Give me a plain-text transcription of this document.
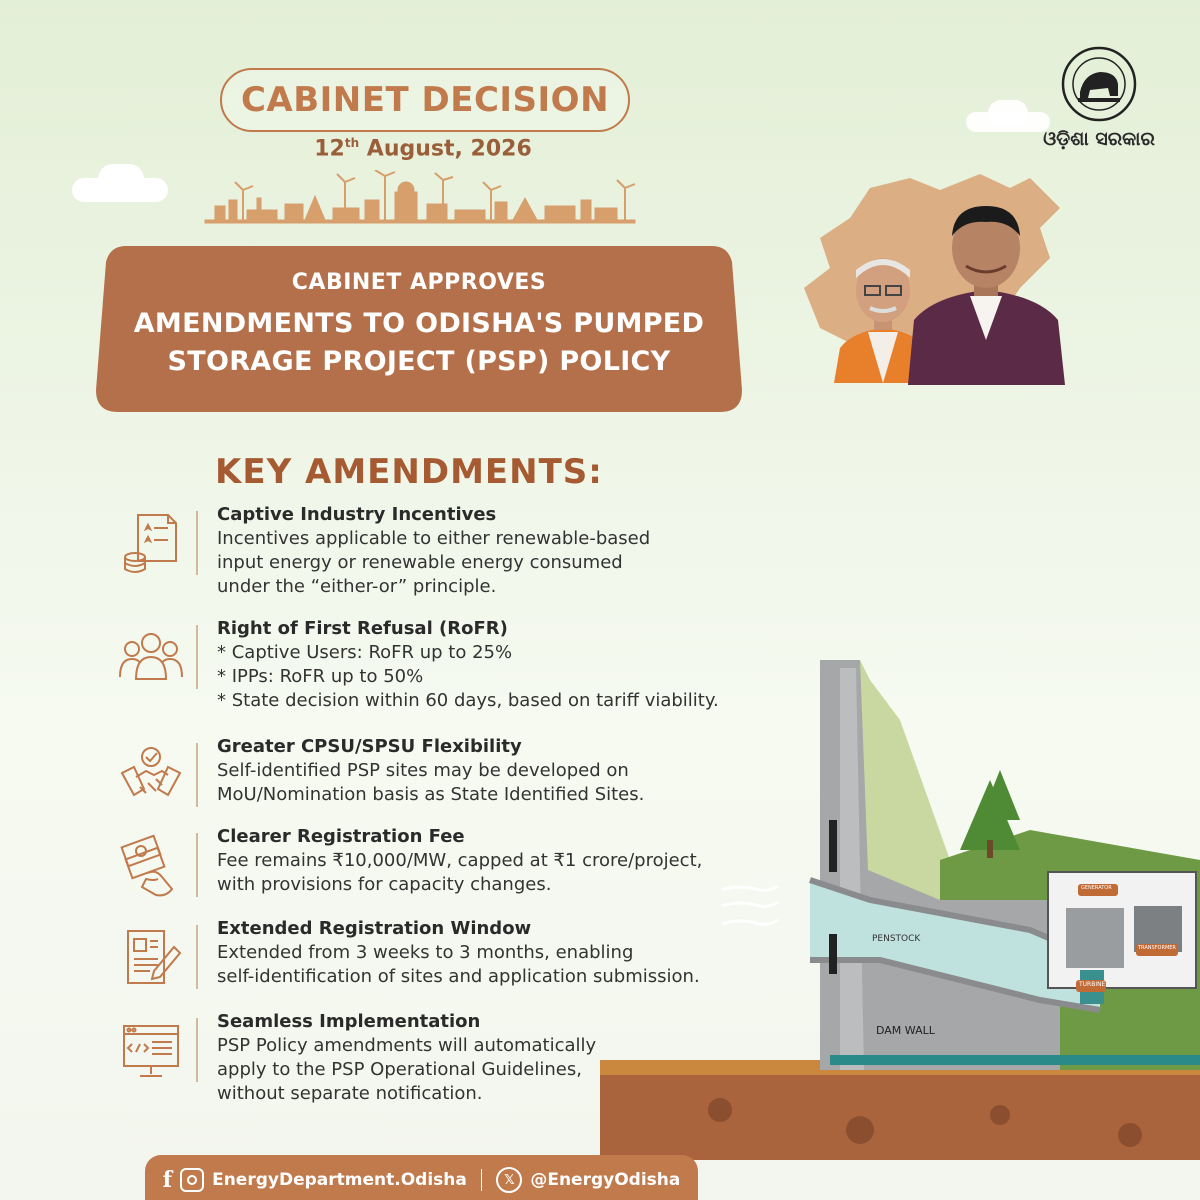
CABINET DECISION
12th August, 2026
CABINET APPROVES
AMENDMENTS TO ODISHA'S PUMPED
STORAGE PROJECT (PSP) POLICY
ଓଡ଼ିଶା ସରକାର
PENSTOCK
DAM WALL
GENERATOR
TRANSFORMER
TURBINE
KEY AMENDMENTS:
Captive Industry Incentives
Incentives applicable to either renewable-based
input energy or renewable energy consumed
under the “either-or” principle.
Right of First Refusal (RoFR)
* Captive Users: RoFR up to 25%
* IPPs: RoFR up to 50%
* State decision within 60 days, based on tariff viability.
Greater CPSU/SPSU Flexibility
Self-identified PSP sites may be developed on
MoU/Nomination basis as State Identified Sites.
Clearer Registration Fee
Fee remains ₹10,000/MW, capped at ₹1 crore/project,
with provisions for capacity changes.
Extended Registration Window
Extended from 3 weeks to 3 months, enabling
self-identification of sites and application submission.
Seamless Implementation
PSP Policy amendments will automatically
apply to the PSP Operational Guidelines,
without separate notification.
f EnergyDepartment.Odisha	𝕏 @EnergyOdisha
